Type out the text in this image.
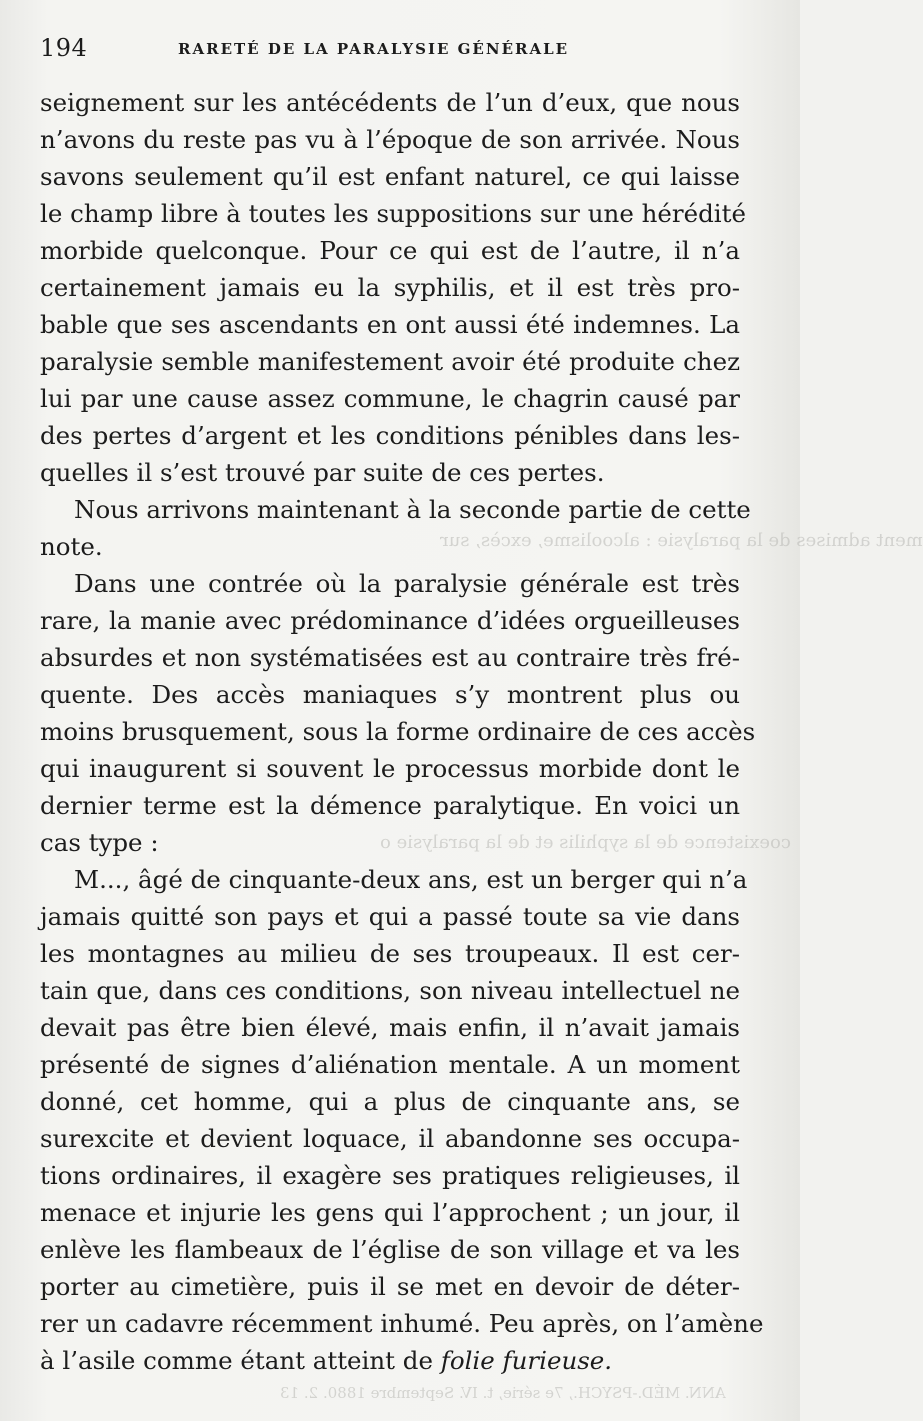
ment admises de la paralysie : alcoolisme, excès, sur
coexistence de la syphilis et de la paralysie o
ANN. MÉD.-PSYCH., 7e série, t. IV. Septembre 1880. 2. 13
194	RARETÉ DE LA PARALYSIE GÉNÉRALE
seignement sur les antécédents de l’un d’eux, que nous
n’avons du reste pas vu à l’époque de son arrivée. Nous
savons seulement qu’il est enfant naturel, ce qui laisse
le champ libre à toutes les suppositions sur une hérédité
morbide quelconque. Pour ce qui est de l’autre, il n’a
certainement jamais eu la syphilis, et il est très pro-
bable que ses ascendants en ont aussi été indemnes. La
paralysie semble manifestement avoir été produite chez
lui par une cause assez commune, le chagrin causé par
des pertes d’argent et les conditions pénibles dans les-
quelles il s’est trouvé par suite de ces pertes.
Nous arrivons maintenant à la seconde partie de cette
note.
Dans une contrée où la paralysie générale est très
rare, la manie avec prédominance d’idées orgueilleuses
absurdes et non systématisées est au contraire très fré-
quente. Des accès maniaques s’y montrent plus ou
moins brusquement, sous la forme ordinaire de ces accès
qui inaugurent si souvent le processus morbide dont le
dernier terme est la démence paralytique. En voici un
cas type :
M..., âgé de cinquante-deux ans, est un berger qui n’a
jamais quitté son pays et qui a passé toute sa vie dans
les montagnes au milieu de ses troupeaux. Il est cer-
tain que, dans ces conditions, son niveau intellectuel ne
devait pas être bien élevé, mais enfin, il n’avait jamais
présenté de signes d’aliénation mentale. A un moment
donné, cet homme, qui a plus de cinquante ans, se
surexcite et devient loquace, il abandonne ses occupa-
tions ordinaires, il exagère ses pratiques religieuses, il
menace et injurie les gens qui l’approchent ; un jour, il
enlève les flambeaux de l’église de son village et va les
porter au cimetière, puis il se met en devoir de déter-
rer un cadavre récemment inhumé. Peu après, on l’amène
à l’asile comme étant atteint de folie furieuse.
